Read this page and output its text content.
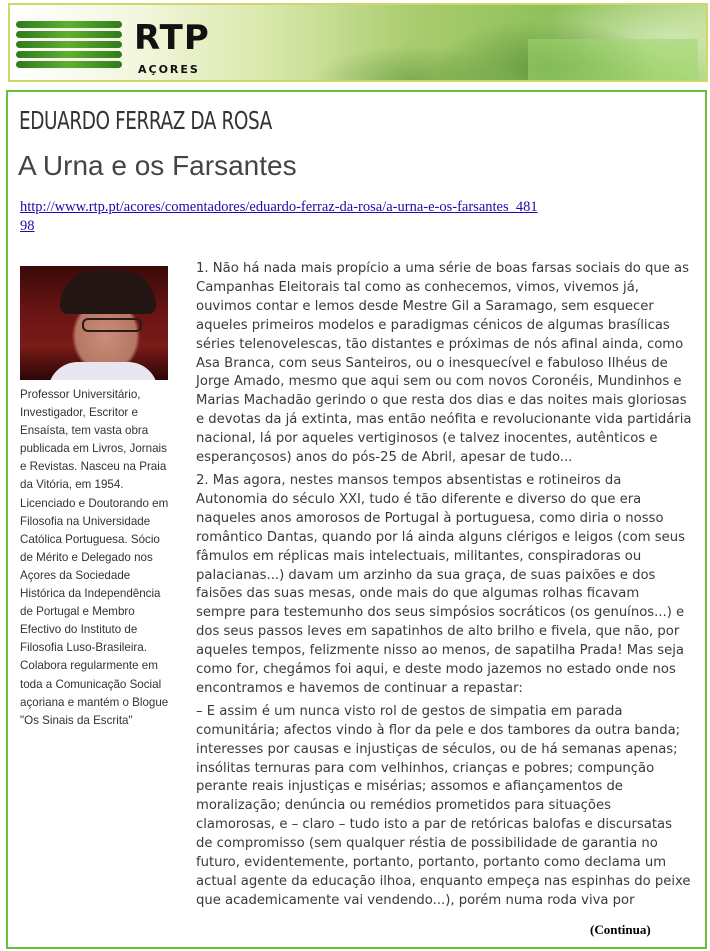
RTP
AÇORES
EDUARDO FERRAZ DA ROSA
A Urna e os Farsantes
http://www.rtp.pt/acores/comentadores/eduardo-ferraz-da-rosa/a-urna-e-os-farsantes_48198
Professor Universitário, Investigador, Escritor e Ensaísta, tem vasta obra publicada em Livros, Jornais e Revistas. Nasceu na Praia da Vitória, em 1954. Licenciado e Doutorando em Filosofia na Universidade Católica Portuguesa. Sócio de Mérito e Delegado nos Açores da Sociedade Histórica da Independência de Portugal e Membro Efectivo do Instituto de Filosofia Luso-Brasileira. Colabora regularmente em toda a Comunicação Social açoriana e mantém o Blogue "Os Sinais da Escrita"

1. Não há nada mais propício a uma série de boas farsas sociais do que as Campanhas Eleitorais tal como as conhecemos, vimos, vivemos já, ouvimos contar e lemos desde Mestre Gil a Saramago, sem esquecer aqueles primeiros modelos e paradigmas cénicos de algumas brasílicas séries telenovelescas, tão distantes e próximas de nós afinal ainda, como Asa Branca, com seus Santeiros, ou o inesquecível e fabuloso Ilhéus de Jorge Amado, mesmo que aqui sem ou com novos Coronéis, Mundinhos e Marias Machadão gerindo o que resta dos dias e das noites mais gloriosas e devotas da já extinta, mas então neófita e revolucionante vida partidária nacional, lá por aqueles vertiginosos (e talvez inocentes, autênticos e esperançosos) anos do pós-25 de Abril, apesar de tudo...

2. Mas agora, nestes mansos tempos absentistas e rotineiros da Autonomia do século XXI, tudo é tão diferente e diverso do que era naqueles anos amorosos de Portugal à portuguesa, como diria o nosso romântico Dantas, quando por lá ainda alguns clérigos e leigos (com seus fâmulos em réplicas mais intelectuais, militantes, conspiradoras ou palacianas...) davam um arzinho da sua graça, de suas paixões e dos faisões das suas mesas, onde mais do que algumas rolhas ficavam sempre para testemunho dos seus simpósios socráticos (os genuínos...) e dos seus passos leves em sapatinhos de alto brilho e fivela, que não, por aqueles tempos, felizmente nisso ao menos, de sapatilha Prada! Mas seja como for, chegámos foi aqui, e deste modo jazemos no estado onde nos encontramos e havemos de continuar a repastar:

– E assim é um nunca visto rol de gestos de simpatia em parada comunitária; afectos vindo à flor da pele e dos tambores da outra banda; interesses por causas e injustiças de séculos, ou de há semanas apenas; insólitas ternuras para com velhinhos, crianças e pobres; compunção perante reais injustiças e misérias; assomos e afiançamentos de moralização; denúncia ou remédios prometidos para situações clamorosas, e – claro – tudo isto a par de retóricas balofas e discursatas de compromisso (sem qualquer réstia de possibilidade de garantia no futuro, evidentemente, portanto, portanto, portanto como declama um actual agente da educação ilhoa, enquanto empeça nas espinhas do peixe que academicamente vai vendendo...), porém numa roda viva por

(Continua)
